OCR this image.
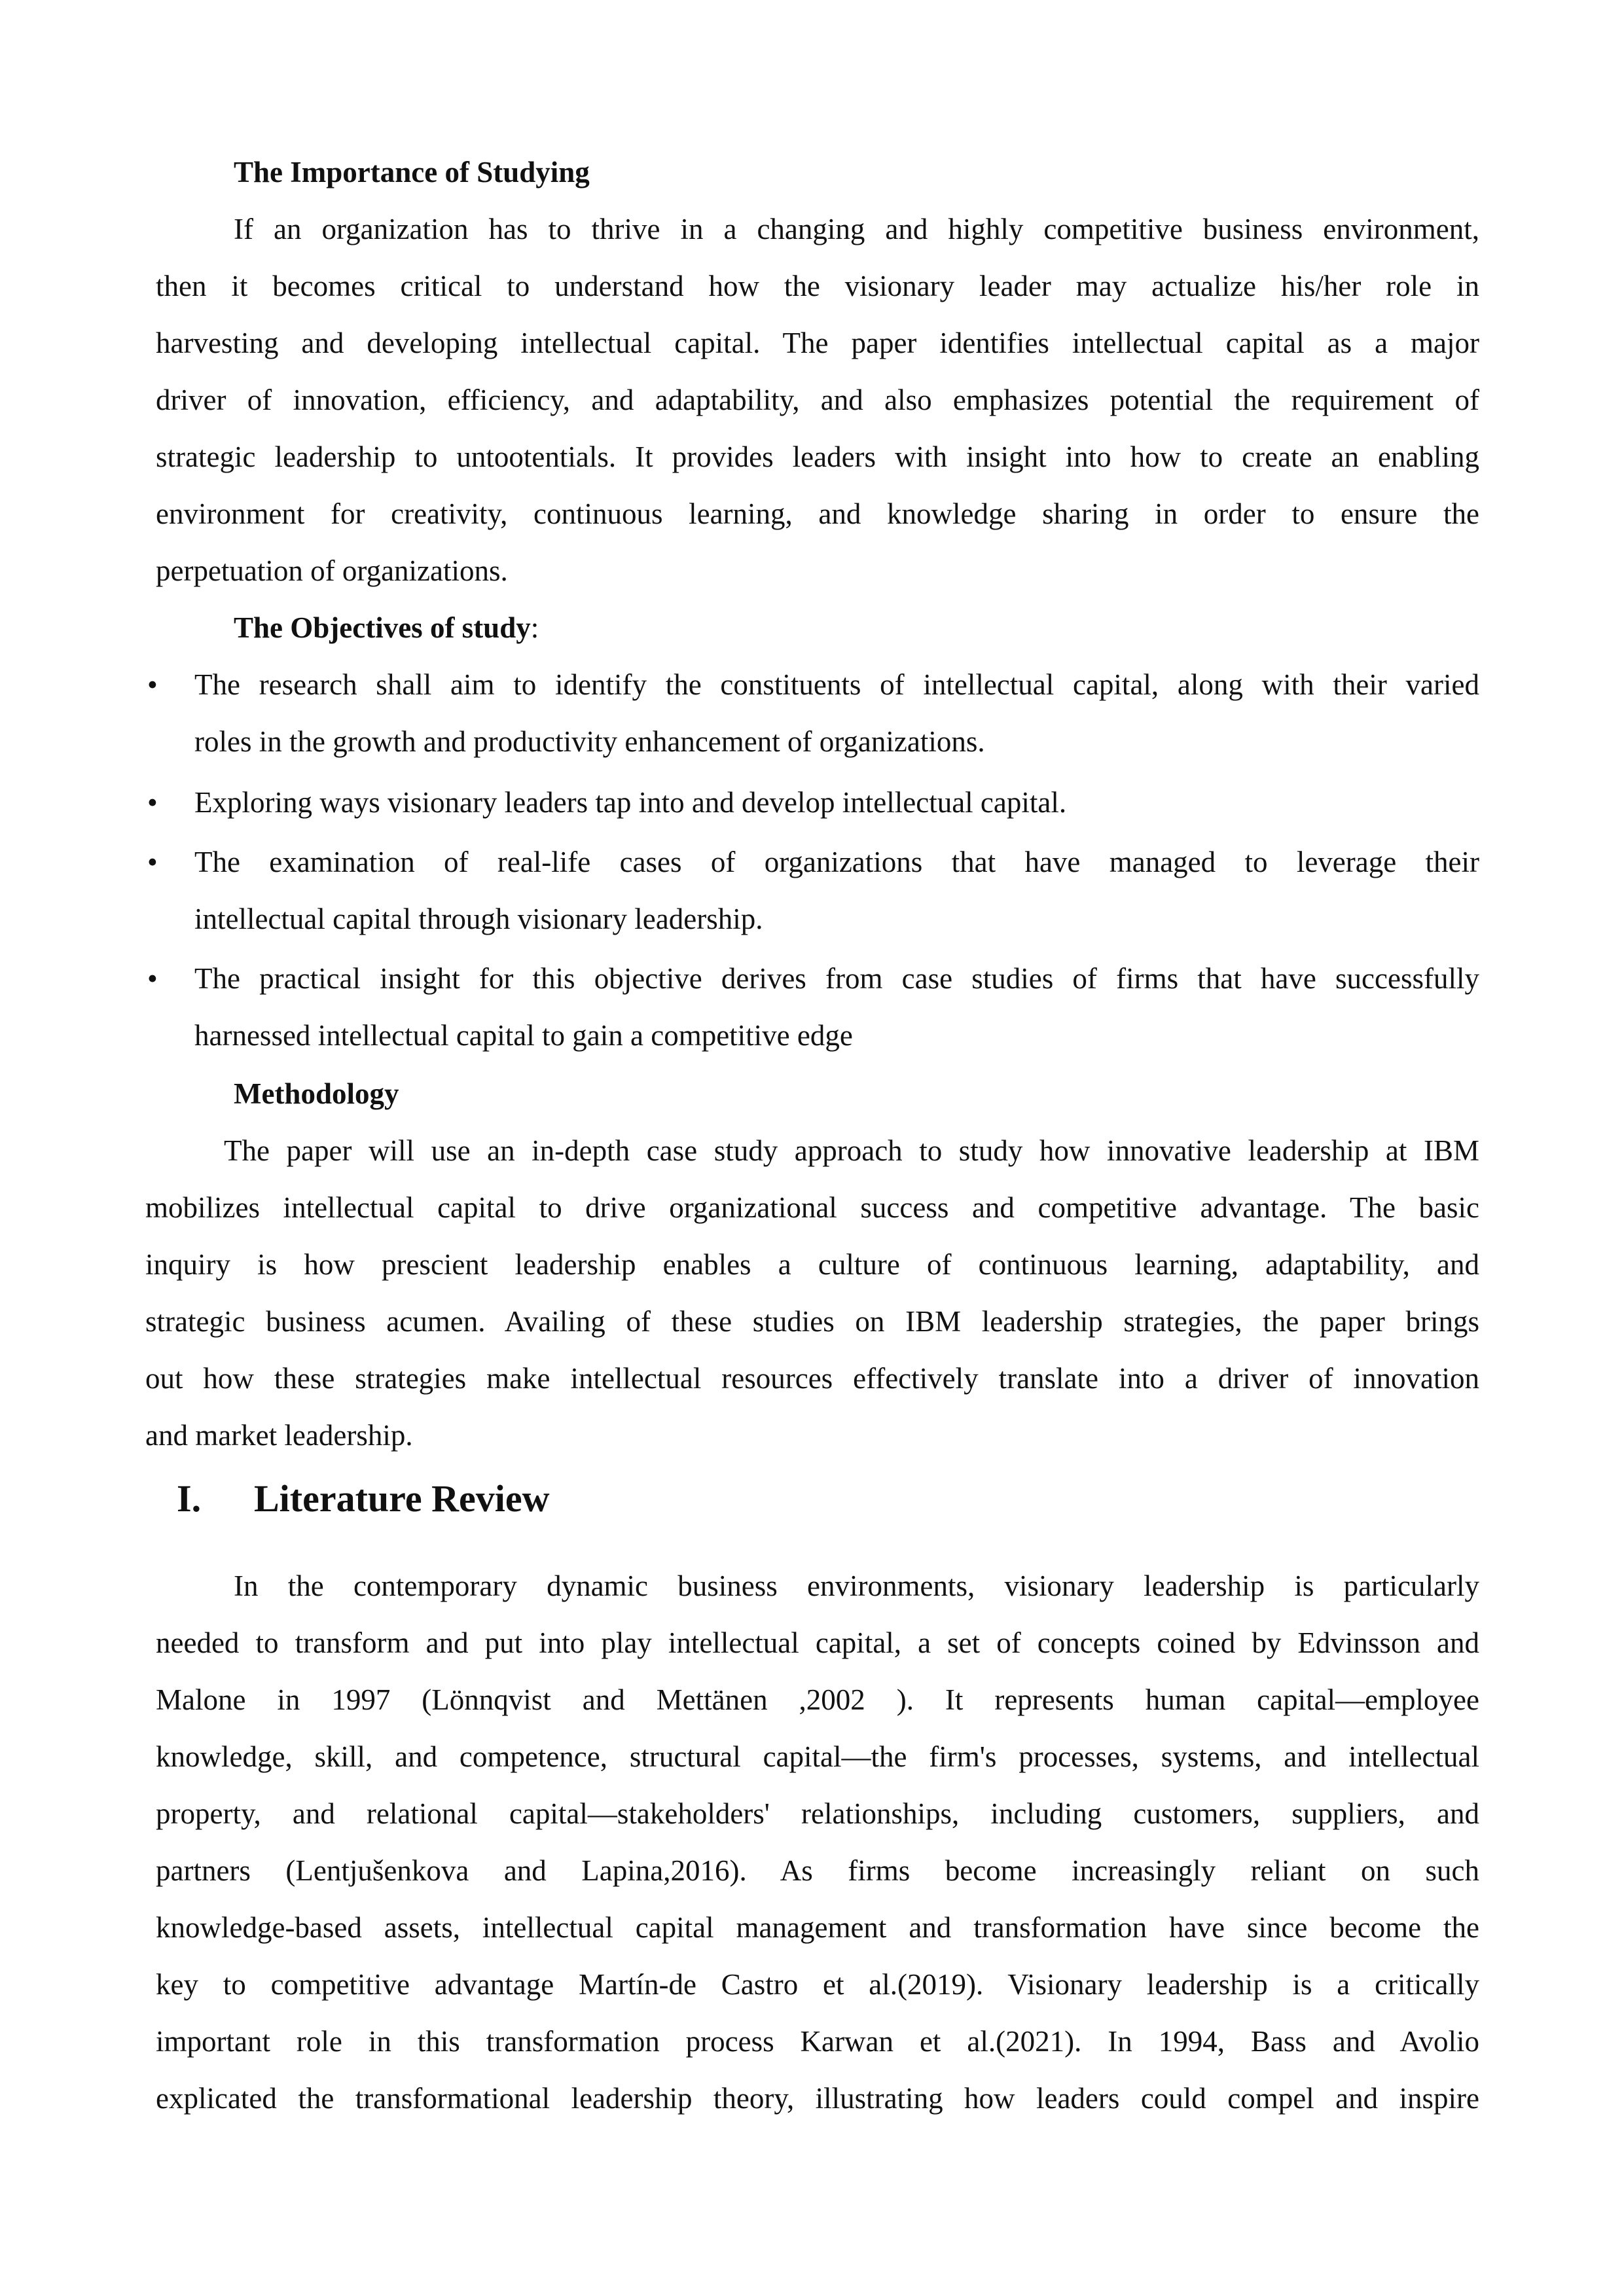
The Importance of Studying
If an organization has to thrive in a changing and highly competitive business environment,
then it becomes critical to understand how the visionary leader may actualize his/her role in
harvesting and developing intellectual capital. The paper identifies intellectual capital as a major
driver of innovation, efficiency, and adaptability, and also emphasizes potential the requirement of
strategic leadership to untootentials. It provides leaders with insight into how to create an enabling
environment for creativity, continuous learning, and knowledge sharing in order to ensure the
perpetuation of organizations.
The Objectives of study:
• The research shall aim to identify the constituents of intellectual capital, along with their varied
roles in the growth and productivity enhancement of organizations.
• Exploring ways visionary leaders tap into and develop intellectual capital.
• The examination of real-life cases of organizations that have managed to leverage their
intellectual capital through visionary leadership.
• The practical insight for this objective derives from case studies of firms that have successfully
harnessed intellectual capital to gain a competitive edge
Methodology
The paper will use an in-depth case study approach to study how innovative leadership at IBM
mobilizes intellectual capital to drive organizational success and competitive advantage. The basic
inquiry is how prescient leadership enables a culture of continuous learning, adaptability, and
strategic business acumen. Availing of these studies on IBM leadership strategies, the paper brings
out how these strategies make intellectual resources effectively translate into a driver of innovation
and market leadership.
I. Literature Review
In the contemporary dynamic business environments, visionary leadership is particularly
needed to transform and put into play intellectual capital, a set of concepts coined by Edvinsson and
Malone in 1997 (Lönnqvist and Mettänen ,2002 ). It represents human capital—employee
knowledge, skill, and competence, structural capital—the firm's processes, systems, and intellectual
property, and relational capital—stakeholders' relationships, including customers, suppliers, and
partners (Lentjušenkova and Lapina,2016). As firms become increasingly reliant on such
knowledge-based assets, intellectual capital management and transformation have since become the
key to competitive advantage Martín-de Castro et al.(2019). Visionary leadership is a critically
important role in this transformation process Karwan et al.(2021). In 1994, Bass and Avolio
explicated the transformational leadership theory, illustrating how leaders could compel and inspire
